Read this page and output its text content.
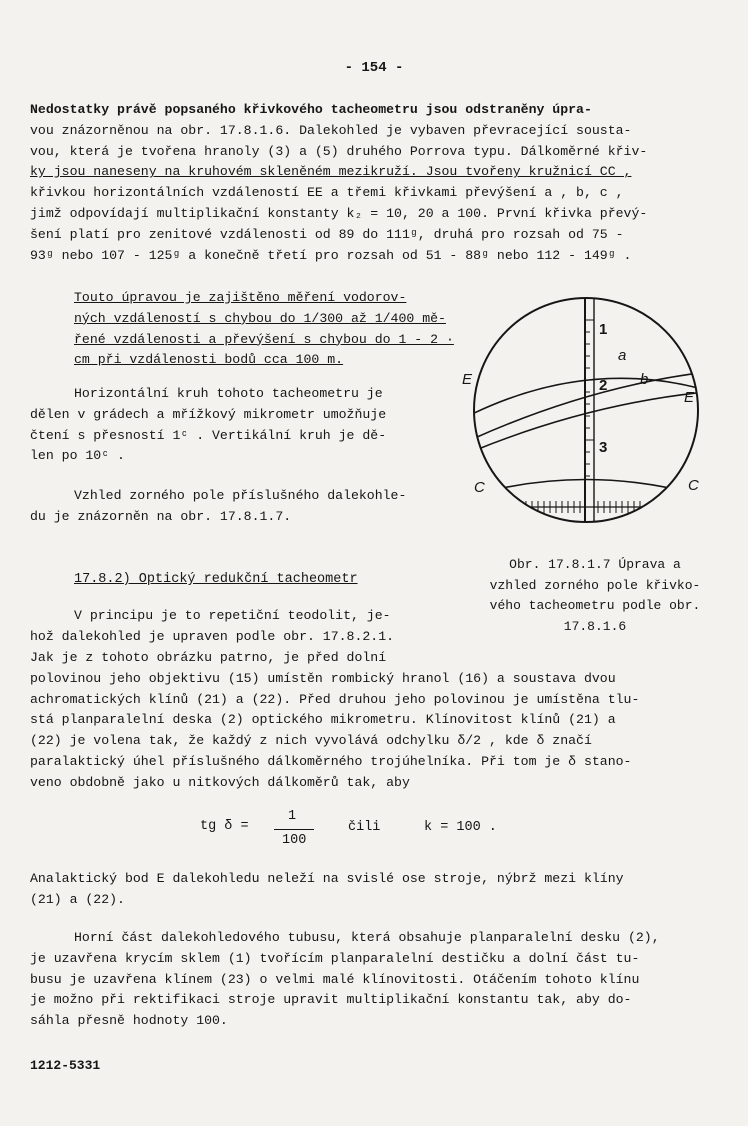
- 154 -
Nedostatky právě popsaného křivkového tacheometru jsou odstraněny úpra-
vou znázorněnou na obr. 17.8.1.6. Dalekohled je vybaven převracející sousta-
vou, která je tvořena hranoly (3) a (5) druhého Porrova typu. Dálkoměrné křiv-
ky jsou naneseny na kruhovém skleněném mezikruží. Jsou tvořeny kružnicí CC ,
křivkou horizontálních vzdáleností EE a třemi křivkami převýšení a , b, c ,
jimž odpovídají multiplikační konstanty k₂ = 10, 20 a 100. První křivka převý-
šení platí pro zenitové vzdálenosti od 89 do 111ᵍ, druhá pro rozsah od 75 -
93ᵍ nebo 107 - 125ᵍ a konečně třetí pro rozsah od 51 - 88ᵍ nebo 112 - 149ᵍ .
Touto úpravou je zajištěno měření vodorov-
ných vzdáleností s chybou do 1/300 až 1/400 mě-
řené vzdálenosti a převýšení s chybou do 1 - 2 ·
cm při vzdálenosti bodů cca 100 m.
Horizontální kruh tohoto tacheometru je
dělen v grádech a mřížkový mikrometr umožňuje
čtení s přesností 1ᶜ . Vertikální kruh je dě-
len po 10ᶜ .
Vzhled zorného pole příslušného dalekohle-
du je znázorněn na obr. 17.8.1.7.
E
E
C	C
a
b
1
2
3
Obr. 17.8.1.7 Úprava a
vzhled zorného pole křivko-
vého tacheometru podle obr.
17.8.1.6
17.8.2) Optický redukční tacheometr
V principu je to repetiční teodolit, je-
hož dalekohled je upraven podle obr. 17.8.2.1.
Jak je z tohoto obrázku patrno, je před dolní
polovinou jeho objektivu (15) umístěn rombický hranol (16) a soustava dvou
achromatických klínů (21) a (22). Před druhou jeho polovinou je umístěna tlu-
stá planparalelní deska (2) optického mikrometru. Klínovitost klínů (21) a
(22) je volena tak, že každý z nich vyvolává odchylku δ/2 , kde δ značí
paralaktický úhel příslušného dálkoměrného trojúhelníka. Při tom je δ stano-
veno obdobně jako u nitkových dálkoměrů tak, aby
tg δ =
1
100
čili	k = 100 .
Analaktický bod E dalekohledu neleží na svislé ose stroje, nýbrž mezi klíny
(21) a (22).
Horní část dalekohledového tubusu, která obsahuje planparalelní desku (2),
je uzavřena krycím sklem (1) tvořícím planparalelní destičku a dolní část tu-
busu je uzavřena klínem (23) o velmi malé klínovitosti. Otáčením tohoto klínu
je možno při rektifikaci stroje upravit multiplikační konstantu tak, aby do-
sáhla přesně hodnoty 100.
1212-5331
